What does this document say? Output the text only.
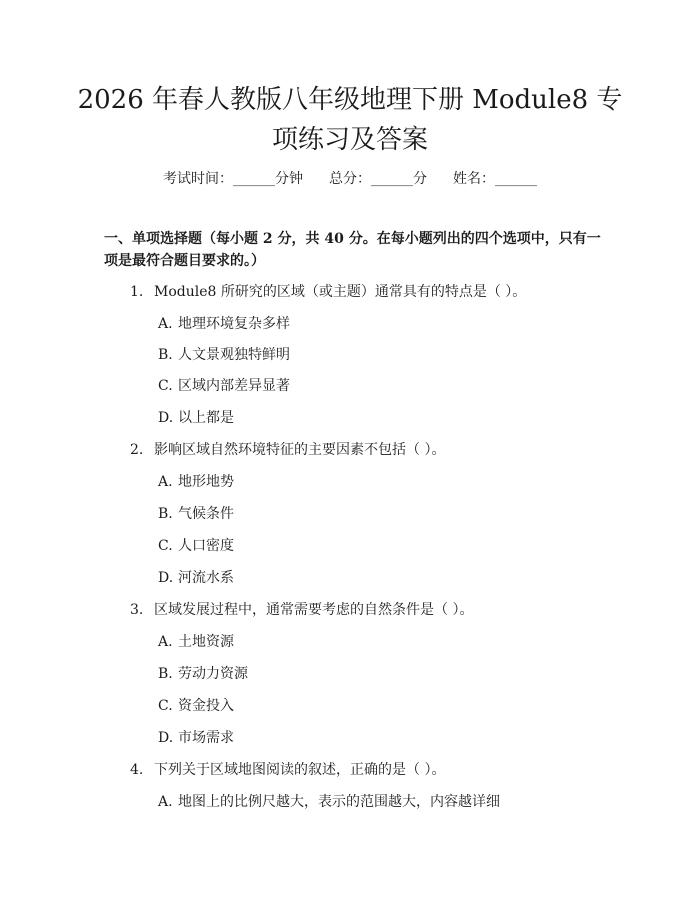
2026 年春人教版八年级地理下册 Module8 专
项练习及答案
考试时间：______分钟 总分：______分 姓名：______
一、单项选择题（每小题 2 分，共 40 分。在每小题列出的四个选项中，只有一项是最符合题目要求的。）
1. Module8 所研究的区域（或主题）通常具有的特点是（ ）。
A. 地理环境复杂多样
B. 人文景观独特鲜明
C. 区域内部差异显著
D. 以上都是
2. 影响区域自然环境特征的主要因素不包括（ ）。
A. 地形地势
B. 气候条件
C. 人口密度
D. 河流水系
3. 区域发展过程中，通常需要考虑的自然条件是（ ）。
A. 土地资源
B. 劳动力资源
C. 资金投入
D. 市场需求
4. 下列关于区域地图阅读的叙述，正确的是（ ）。
A. 地图上的比例尺越大，表示的范围越大，内容越详细
